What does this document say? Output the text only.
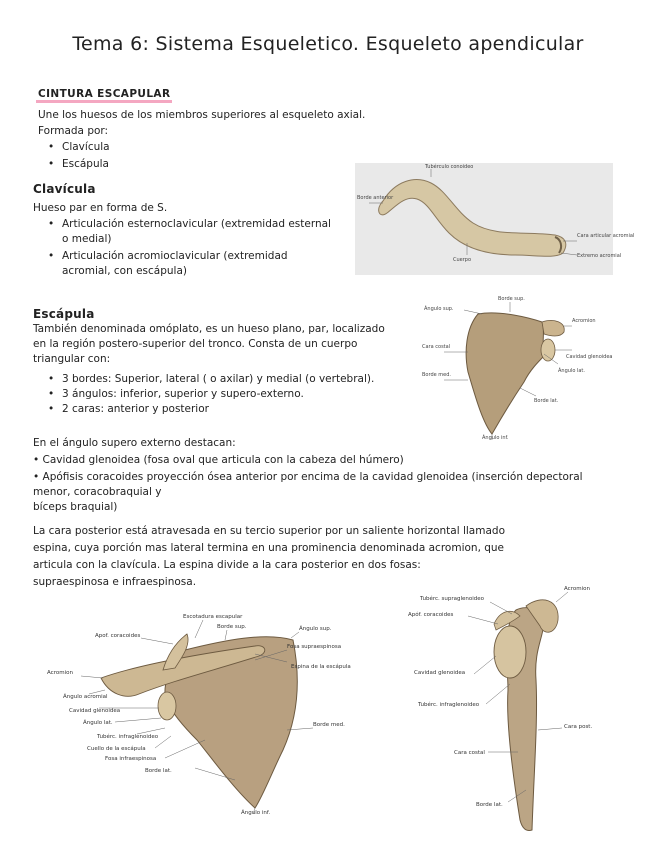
Tema 6: Sistema Esqueletico. Esqueleto apendicular
CINTURA ESCAPULAR
Une los huesos de los miembros superiores al esqueleto axial.
Formada por:
• Clavícula
• Escápula
Clavícula
Hueso par en forma de S.
• Articulación esternoclavicular (extremidad esternal o medial)
• Articulación acromioclavicular (extremidad acromial, con escápula)
Tubérculo conoideo
Borde anterior
Cara articular acromial
Cuerpo
Extremo acromial
Escápula
También denominada omóplato, es un hueso plano, par, localizado en la región postero-superior del tronco. Consta de un cuerpo triangular con:
• 3 bordes: Superior, lateral ( o axilar) y medial (o vertebral).
• 3 ángulos: inferior, superior y supero-externo.
• 2 caras: anterior y posterior
Ángulo sup.
Borde sup.
Acromion
Cavidad glenoidea
Ángulo lat.
Borde lat.
Cara costal
Borde med.
Ángulo inf.
En el ángulo supero externo destacan:
• Cavidad glenoidea (fosa oval que articula con la cabeza del húmero)
• Apófisis coracoides proyección ósea anterior por encima de la cavidad glenoidea (inserción depectoral menor, coracobraquial y
bíceps braquial)
La cara posterior está atravesada en su tercio superior por un saliente horizontal llamado
espina, cuya porción mas lateral termina en una prominencia denominada acromion, que
articula con la clavícula. La espina divide a la cara posterior en dos fosas:
supraespinosa e infraespinosa.
Escotadura escapular
Borde sup.	Ángulo sup.
Apof. coracoides
Fosa supraespinosa
Espina de la escápula
Acromion
Ángulo acromial
Cavidad glenoidea
Ángulo lat.
Tubérc. infraglenoideo
Cuello de la escápula
Fosa infraespinosa
Borde lat.
Borde med.
Ángulo inf.
Acromion
Tubérc. supraglenoideo
Apóf. coracoides
Cavidad glenoidea
Tubérc. infraglenoideo
Cara post.
Cara costal
Borde lat.
